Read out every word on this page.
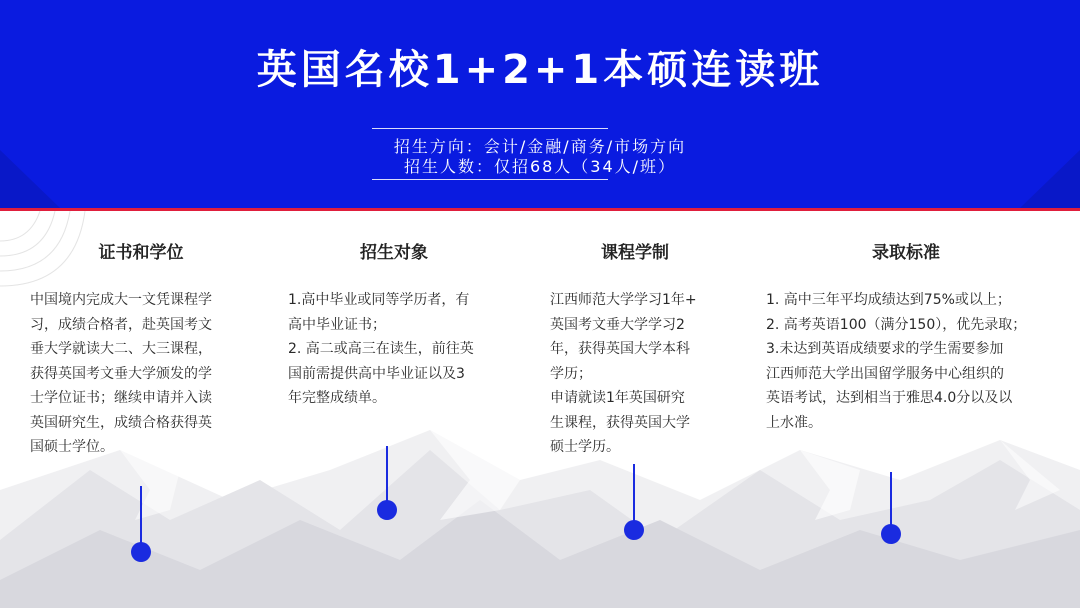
英国名校1+2+1本硕连读班
招生方向：会计/金融/商务/市场方向
招生人数：仅招68人（34人/班）
证书和学位
中国境内完成大一文凭课程学
习，成绩合格者，赴英国考文
垂大学就读大二、大三课程，
获得英国考文垂大学颁发的学
士学位证书；继续申请并入读
英国研究生，成绩合格获得英
国硕士学位。
招生对象
1.高中毕业或同等学历者，有
高中毕业证书；
2. 高二或高三在读生，前往英
国前需提供高中毕业证以及3
年完整成绩单。
课程学制
江西师范大学学习1年+
英国考文垂大学学习2
年，获得英国大学本科
学历；
申请就读1年英国研究
生课程，获得英国大学
硕士学历。
录取标准
1. 高中三年平均成绩达到75%或以上；
2. 高考英语100（满分150），优先录取；
3.未达到英语成绩要求的学生需要参加
江西师范大学出国留学服务中心组织的
英语考试，达到相当于雅思4.0分以及以
上水准。
